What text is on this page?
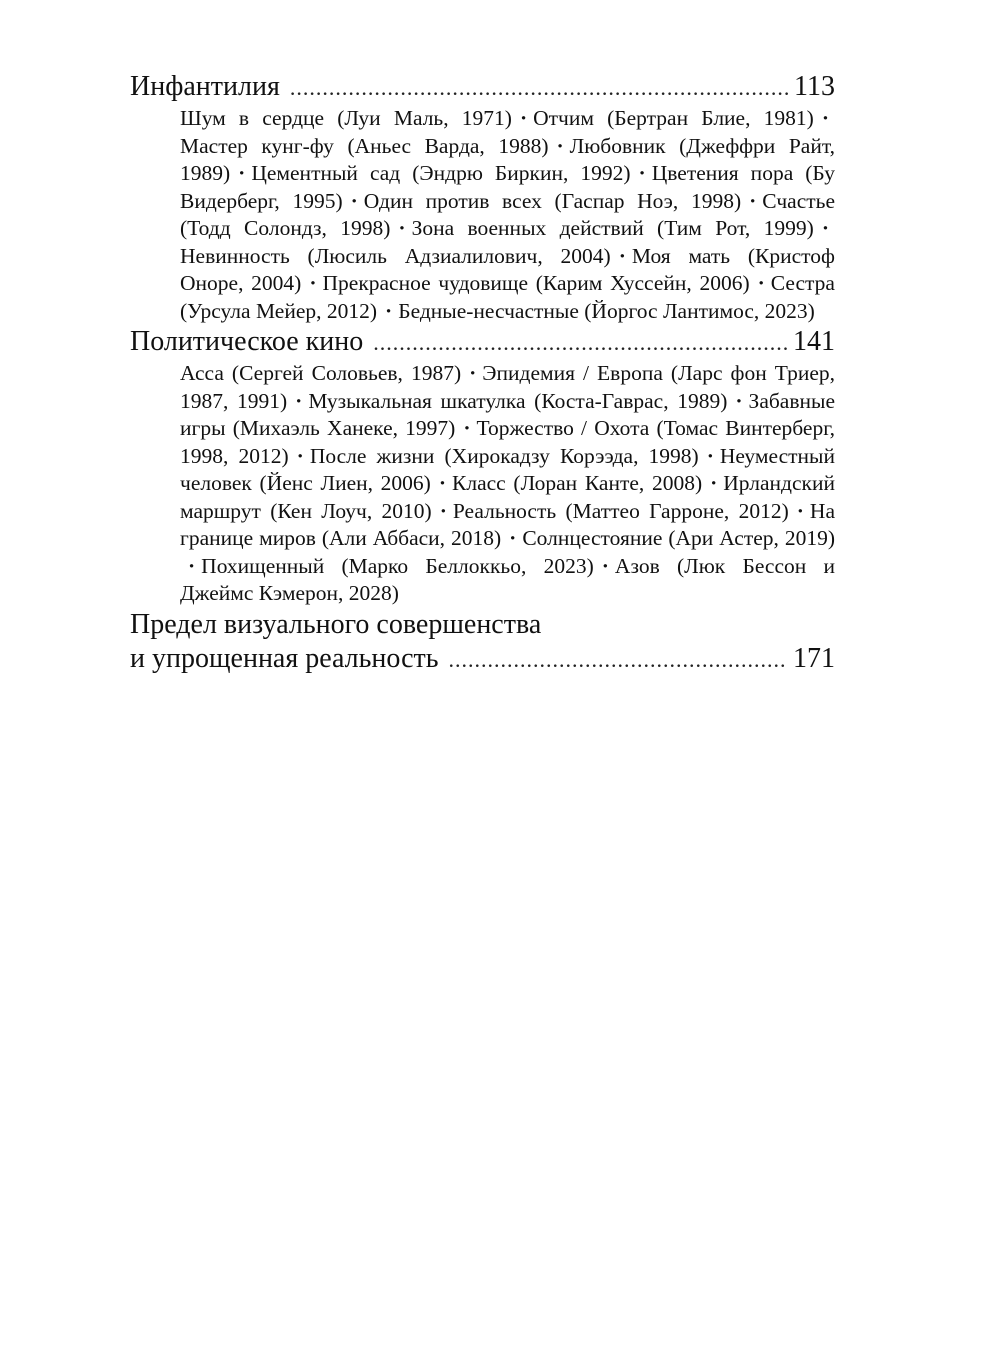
Инфантилия .....	113

Шум в сердце (Луи Маль, 1971) · Отчим (Бертран Блие, 1981) ·Мастер кунг-фу (Аньес Варда, 1988) · Любовник (Джеффри Райт, 1989) · Цементный сад (Эндрю Биркин, 1992) · Цветения пора (Бу Видерберг, 1995) · Один против всех (Гаспар Ноэ, 1998) · Счастье (Тодд Солондз, 1998) · Зона военных действий (Тим Рот, 1999) ·Невинность (Люсиль Адзиалилович, 2004) · Моя мать (Кристоф Оноре, 2004) · Прекрасное чудовище (Карим Хуссейн, 2006) · Сестра (Урсула Мейер, 2012) · Бедные-несчастные (Йоргос Лантимос, 2023)

Политическое кино .....	141

Асса (Сергей Соловьев, 1987) · Эпидемия / Европа (Ларс фон Триер, 1987, 1991) · Музыкальная шкатулка (Коста-Гаврас, 1989) · Забавные игры (Михаэль Ханеке, 1997) · Торжество / Охота (Томас Винтерберг, 1998, 2012) · После жизни (Хирокадзу Корээда, 1998) · Неуместный человек (Йенс Лиен, 2006) · Класс (Лоран Канте, 2008) · Ирландский маршрут (Кен Лоуч, 2010) · Реальность (Маттео Гарроне, 2012) · На границе миров (Али Аббаси, 2018) · Солнцестояние (Ари Астер, 2019)· Похищенный (Марко Беллоккьо, 2023) · Азов (Люк Бессон и Джеймс Кэмерон, 2028)

Предел визуального совершенства
и упрощенная реальность .....	171
